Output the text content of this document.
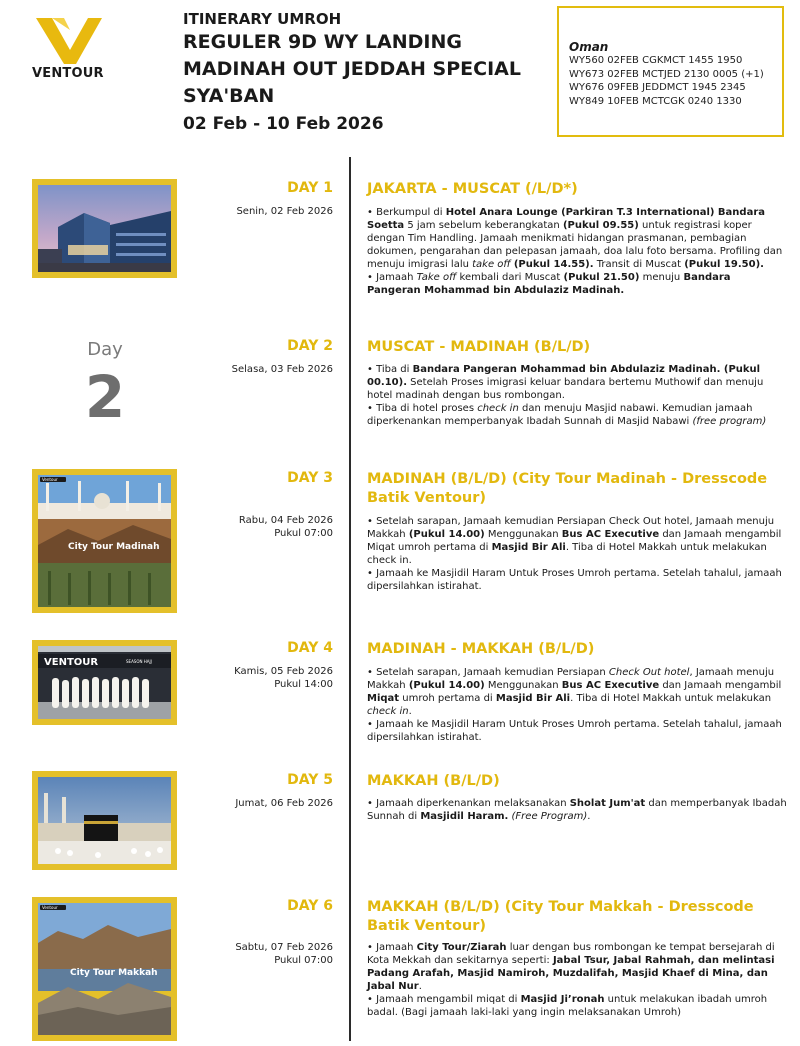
VENTOUR
ITINERARY UMROH
REGULER 9D WY LANDING
MADINAH OUT JEDDAH SPECIAL
SYA'BAN
02 Feb - 10 Feb 2026
Oman
WY560 02FEB CGKMCT 1455 1950
WY673 02FEB MCTJED 2130 0005 (+1)
WY676 09FEB JEDDMCT 1945 2345
WY849 10FEB MCTCGK 0240 1330
Ventour
City Tour Madinah
VENTOUR	SEASON HAJJ
Ventour
City Tour Makkah
Day
2
DAY 1
Senin, 02 Feb 2026
JAKARTA - MUSCAT (/L/D*)

• Berkumpul di Hotel Anara Lounge (Parkiran T.3 International) Bandara Soetta 5 jam sebelum keberangkatan (Pukul 09.55) untuk registrasi koper dengan Tim Handling. Jamaah menikmati hidangan prasmanan, pembagian dokumen, pengarahan dan pelepasan jamaah, doa lalu foto bersama. Profiling dan menuju imigrasi lalu take off (Pukul 14.55). Transit di Muscat (Pukul 19.50).

• Jamaah Take off kembali dari Muscat (Pukul 21.50) menuju Bandara Pangeran Mohammad bin Abdulaziz Madinah.

DAY 2
Selasa, 03 Feb 2026
MUSCAT - MADINAH (B/L/D)

• Tiba di Bandara Pangeran Mohammad bin Abdulaziz Madinah. (Pukul 00.10). Setelah Proses imigrasi keluar bandara bertemu Muthowif dan menuju hotel madinah dengan bus rombongan.

• Tiba di hotel proses check in dan menuju Masjid nabawi. Kemudian jamaah diperkenankan memperbanyak Ibadah Sunnah di Masjid Nabawi (free program)

DAY 3
Rabu, 04 Feb 2026
Pukul 07:00
MADINAH (B/L/D) (City Tour Madinah - Dresscode Batik Ventour)

• Setelah sarapan, Jamaah kemudian Persiapan Check Out hotel, Jamaah menuju Makkah (Pukul 14.00) Menggunakan Bus AC Executive dan Jamaah mengambil Miqat umroh pertama di Masjid Bir Ali. Tiba di Hotel Makkah untuk melakukan check in.

• Jamaah ke Masjidil Haram Untuk Proses Umroh pertama. Setelah tahalul, jamaah dipersilahkan istirahat.

DAY 4
Kamis, 05 Feb 2026
Pukul 14:00
MADINAH - MAKKAH (B/L/D)

• Setelah sarapan, Jamaah kemudian Persiapan Check Out hotel, Jamaah menuju Makkah (Pukul 14.00) Menggunakan Bus AC Executive dan Jamaah mengambil Miqat umroh pertama di Masjid Bir Ali. Tiba di Hotel Makkah untuk melakukan check in.

• Jamaah ke Masjidil Haram Untuk Proses Umroh pertama. Setelah tahalul, jamaah dipersilahkan istirahat.

DAY 5
Jumat, 06 Feb 2026
MAKKAH (B/L/D)

• Jamaah diperkenankan melaksanakan Sholat Jum'at dan memperbanyak Ibadah Sunnah di Masjidil Haram. (Free Program).

DAY 6
Sabtu, 07 Feb 2026
Pukul 07:00
MAKKAH (B/L/D) (City Tour Makkah - Dresscode Batik Ventour)

• Jamaah City Tour/Ziarah luar dengan bus rombongan ke tempat bersejarah di Kota Mekkah dan sekitarnya seperti: Jabal Tsur, Jabal Rahmah, dan melintasi Padang Arafah, Masjid Namiroh, Muzdalifah, Masjid Khaef di Mina, dan Jabal Nur.

• Jamaah mengambil miqat di Masjid Ji’ronah untuk melakukan ibadah umroh badal. (Bagi jamaah laki-laki yang ingin melaksanakan Umroh)
